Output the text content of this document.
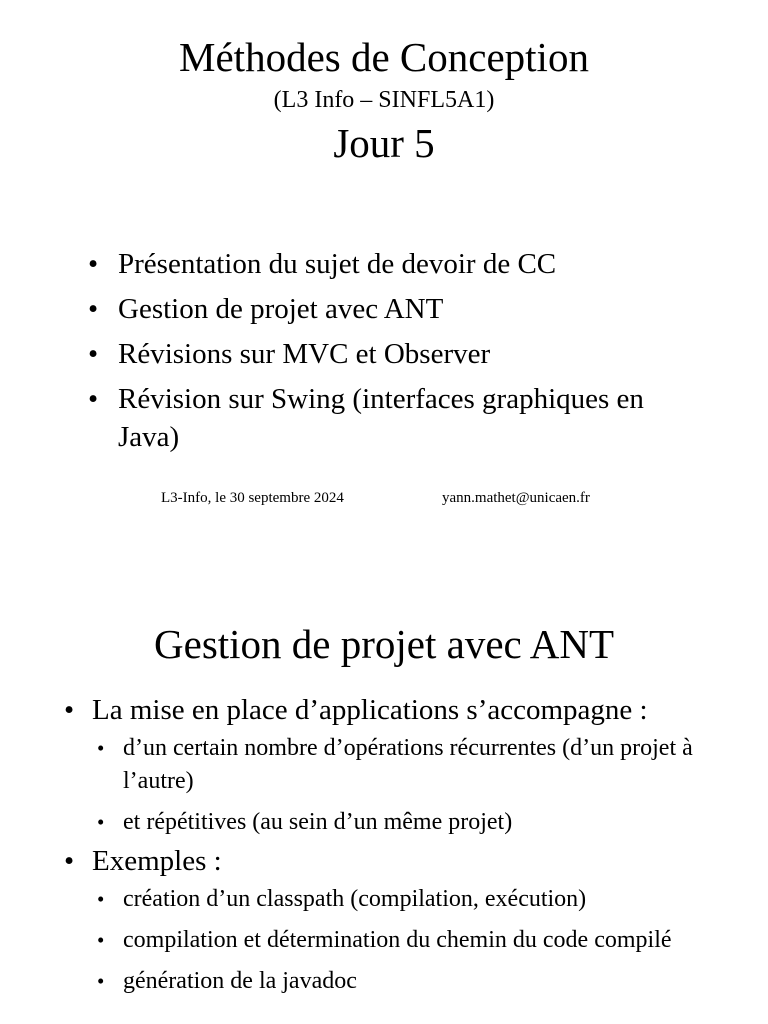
Méthodes de Conception
(L3 Info – SINFL5A1)
Jour 5
• Présentation du sujet de devoir de CC
• Gestion de projet avec ANT
• Révisions sur MVC et Observer
• Révision sur Swing (interfaces graphiques en Java)
L3-Info, le 30 septembre 2024	yann.mathet@unicaen.fr
Gestion de projet avec ANT
• La mise en place d’applications s’accompagne :
• d’un certain nombre d’opérations récurrentes (d’un projet à l’autre)
• et répétitives (au sein d’un même projet)
• Exemples :
• création d’un classpath (compilation, exécution)
• compilation et détermination du chemin du code compilé
• génération de la javadoc
